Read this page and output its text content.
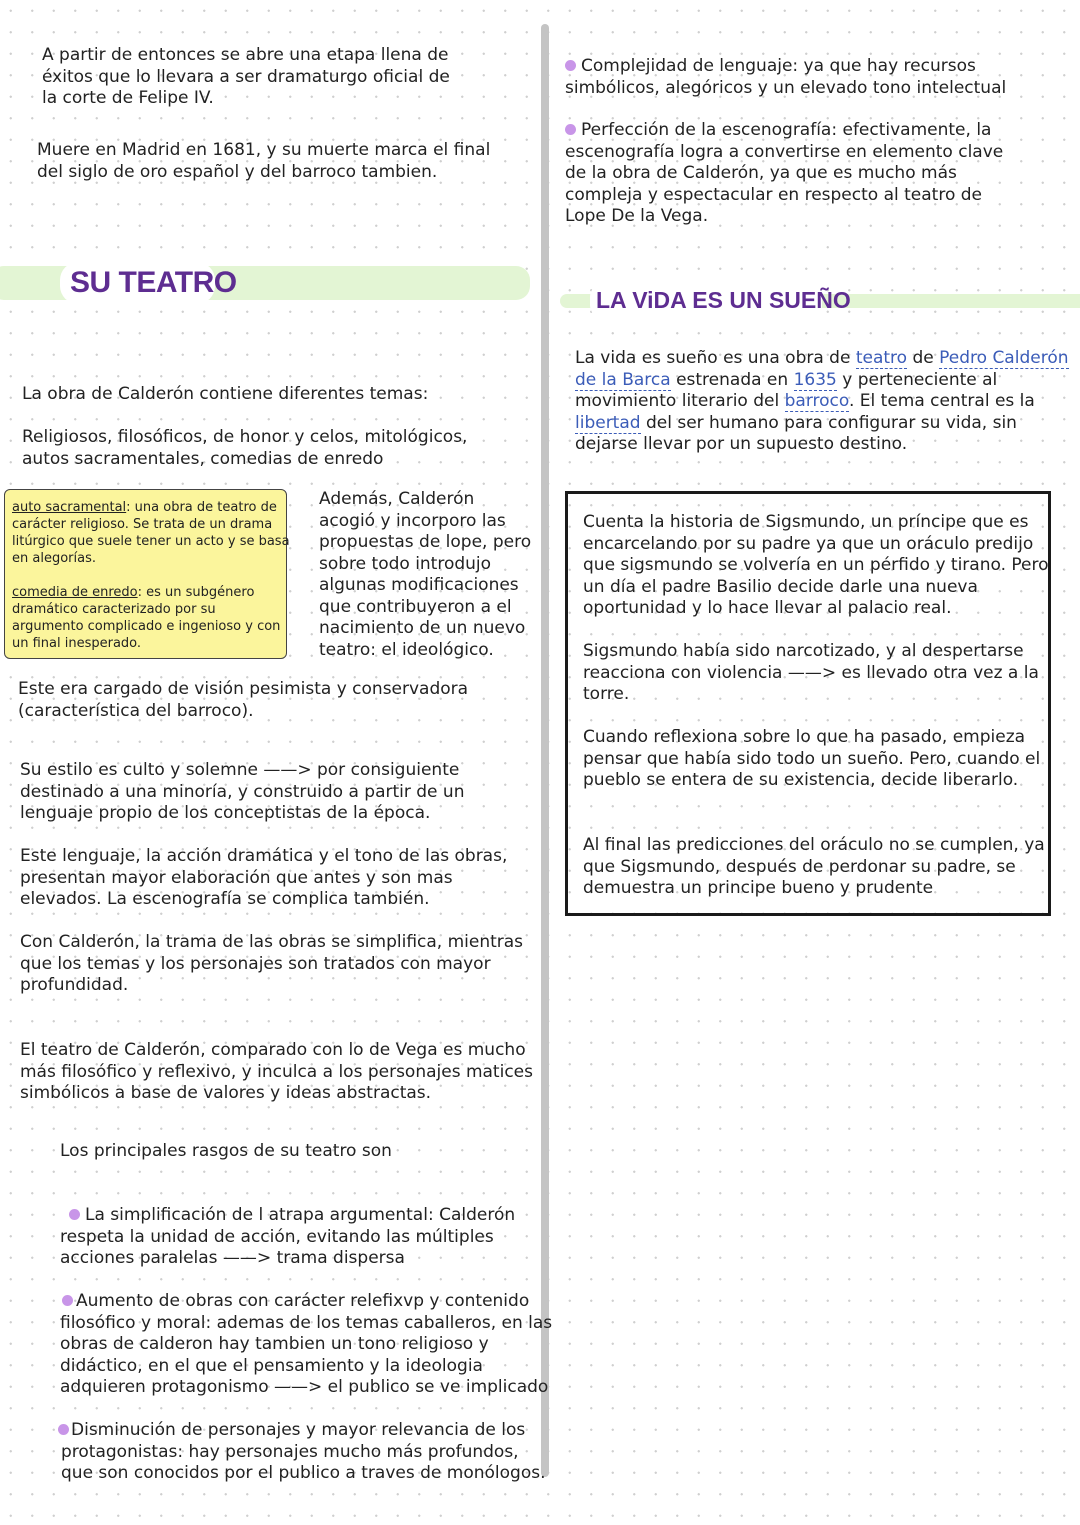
A partir de entonces se abre una etapa llena de
éxitos que lo llevara a ser dramaturgo oficial de
la corte de Felipe IV.

Muere en Madrid en 1681, y su muerte marca el final
del siglo de oro español y del barroco tambien.

SU TEATRO

La obra de Calderón contiene diferentes temas:

Religiosos, filosóficos, de honor y celos, mitológicos,
autos sacramentales, comedias de enredo

auto sacramental: una obra de teatro de
carácter religioso. Se trata de un drama
litúrgico que suele tener un acto y se basa
en alegorías.

comedia de enredo: es un subgénero
dramático caracterizado por su
argumento complicado e ingenioso y con
un final inesperado.

Además, Calderón
acogió y incorporo las
propuestas de lope, pero
sobre todo introdujo
algunas modificaciones
que contribuyeron a el
nacimiento de un nuevo
teatro: el ideológico.

Este era cargado de visión pesimista y conservadora
(característica del barroco).

Su estilo es culto y solemne ——> por consiguiente
destinado a una minoría, y construido a partir de un
lenguaje propio de los conceptistas de la época.

Este lenguaje, la acción dramática y el tono de las obras,
presentan mayor elaboración que antes y son mas
elevados. La escenografía se complica también.

Con Calderón, la trama de las obras se simplifica, mientras
que los temas y los personajes son tratados con mayor
profundidad.

El teatro de Calderón, comparado con lo de Vega es mucho
más filosófico y reflexivo, y inculca a los personajes matices
simbólicos a base de valores y ideas abstractas.

Los principales rasgos de su teatro son

La simplificación de l atrapa argumental: Calderón
respeta la unidad de acción, evitando las múltiples
acciones paralelas ——> trama dispersa
Aumento de obras con carácter relefixvp y contenido
filosófico y moral: ademas de los temas caballeros, en las
obras de calderon hay tambien un tono religioso y
didáctico, en el que el pensamiento y la ideologia
adquieren protagonismo ——> el publico se ve implicado
Disminución de personajes y mayor relevancia de los
protagonistas: hay personajes mucho más profundos,
que son conocidos por el publico a traves de monólogos.
Complejidad de lenguaje: ya que hay recursos
simbólicos, alegóricos y un elevado tono intelectual
Perfección de la escenografía: efectivamente, la
escenografía logra a convertirse en elemento clave
de la obra de Calderón, ya que es mucho más
compleja y espectacular en respecto al teatro de
Lope De la Vega.
LA ViDA ES UN SUEÑO

La vida es sueño es una obra de teatro de Pedro Calderón
de la Barca estrenada en 1635 y perteneciente al
movimiento literario del barroco. El tema central es la
libertad del ser humano para configurar su vida, sin
dejarse llevar por un supuesto destino.

Cuenta la historia de Sigsmundo, un príncipe que es
encarcelando por su padre ya que un oráculo predijo
que sigsmundo se volvería en un pérfido y tirano. Pero
un día el padre Basilio decide darle una nueva
oportunidad y lo hace llevar al palacio real.

Sigsmundo había sido narcotizado, y al despertarse
reacciona con violencia ——> es llevado otra vez a la
torre.

Cuando reflexiona sobre lo que ha pasado, empieza
pensar que había sido todo un sueño. Pero, cuando el
pueblo se entera de su existencia, decide liberarlo.

Al final las predicciones del oráculo no se cumplen, ya
que Sigsmundo, después de perdonar su padre, se
demuestra un principe bueno y prudente
